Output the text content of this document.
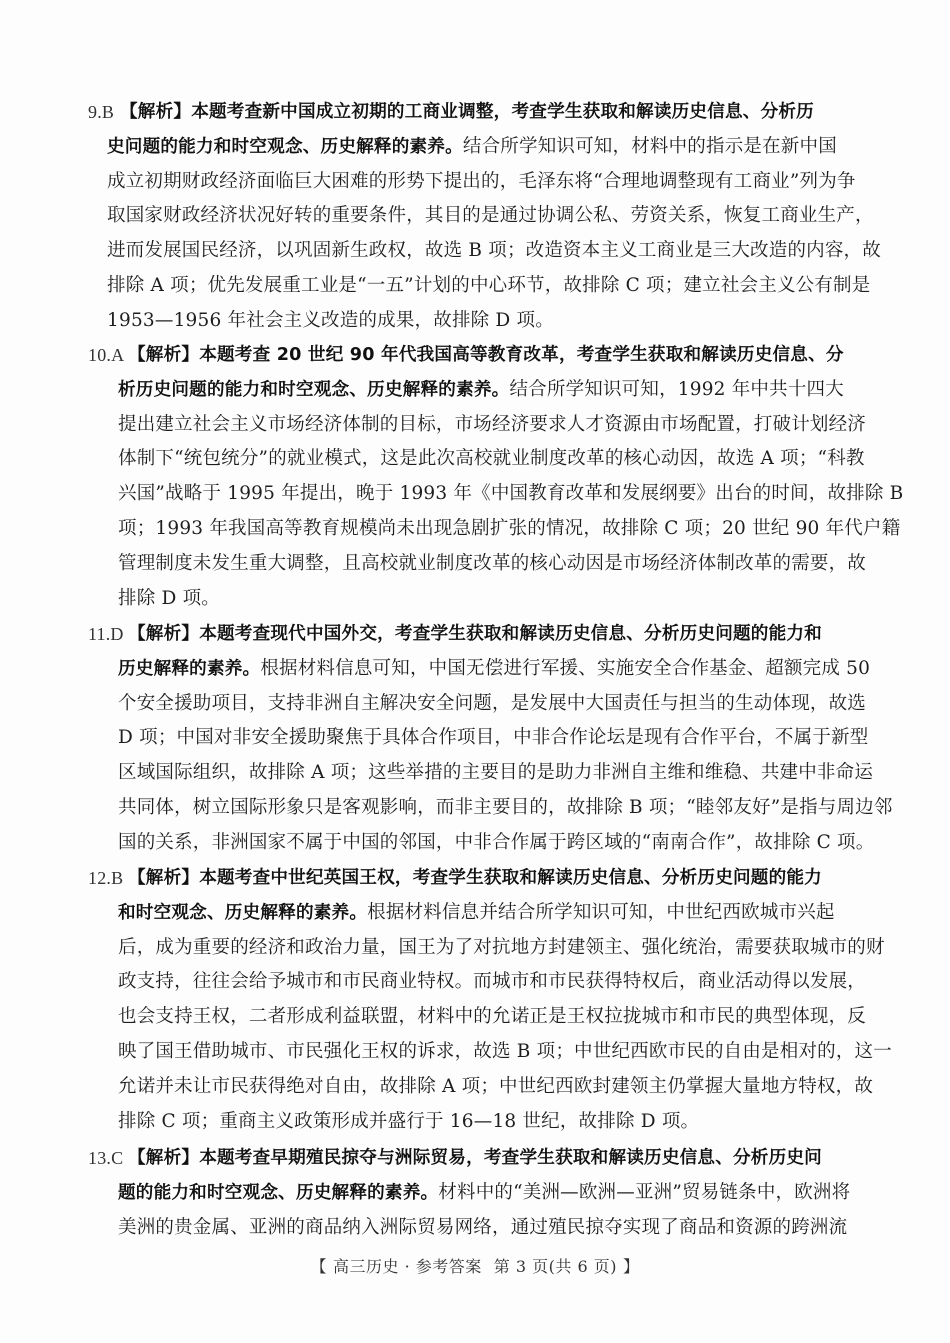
9.B 【解析】 本题考查新中国成立初期的工商业调整，考查学生获取和解读历史信息、分析历
史问题的能力和时空观念、历史解释的素养。结合所学知识可知，材料中的指示是在新中国
成立初期财政经济面临巨大困难的形势下提出的，毛泽东将“合理地调整现有工商业”列为争
取国家财政经济状况好转的重要条件，其目的是通过协调公私、劳资关系，恢复工商业生产，
进而发展国民经济，以巩固新生政权，故选 B 项；改造资本主义工商业是三大改造的内容，故
排除 A 项；优先发展重工业是“一五”计划的中心环节，故排除 C 项；建立社会主义公有制是
1953—1956 年社会主义改造的成果，故排除 D 项。
10.A 【解析】 本题考查 20 世纪 90 年代我国高等教育改革，考查学生获取和解读历史信息、分
析历史问题的能力和时空观念、历史解释的素养。结合所学知识可知，1992 年中共十四大
提出建立社会主义市场经济体制的目标，市场经济要求人才资源由市场配置，打破计划经济
体制下“统包统分”的就业模式，这是此次高校就业制度改革的核心动因，故选 A 项；“科教
兴国”战略于 1995 年提出，晚于 1993 年《中国教育改革和发展纲要》出台的时间，故排除 B
项；1993 年我国高等教育规模尚未出现急剧扩张的情况，故排除 C 项；20 世纪 90 年代户籍
管理制度未发生重大调整，且高校就业制度改革的核心动因是市场经济体制改革的需要，故
排除 D 项。
11.D 【解析】 本题考查现代中国外交，考查学生获取和解读历史信息、分析历史问题的能力和
历史解释的素养。根据材料信息可知，中国无偿进行军援、实施安全合作基金、超额完成 50
个安全援助项目，支持非洲自主解决安全问题，是发展中大国责任与担当的生动体现，故选
D 项；中国对非安全援助聚焦于具体合作项目，中非合作论坛是现有合作平台，不属于新型
区域国际组织，故排除 A 项；这些举措的主要目的是助力非洲自主维和维稳、共建中非命运
共同体，树立国际形象只是客观影响，而非主要目的，故排除 B 项；“睦邻友好”是指与周边邻
国的关系，非洲国家不属于中国的邻国，中非合作属于跨区域的“南南合作”，故排除 C 项。
12.B 【解析】 本题考查中世纪英国王权，考查学生获取和解读历史信息、分析历史问题的能力
和时空观念、历史解释的素养。根据材料信息并结合所学知识可知，中世纪西欧城市兴起
后，成为重要的经济和政治力量，国王为了对抗地方封建领主、强化统治，需要获取城市的财
政支持，往往会给予城市和市民商业特权。而城市和市民获得特权后，商业活动得以发展，
也会支持王权，二者形成利益联盟，材料中的允诺正是王权拉拢城市和市民的典型体现，反
映了国王借助城市、市民强化王权的诉求，故选 B 项；中世纪西欧市民的自由是相对的，这一
允诺并未让市民获得绝对自由，故排除 A 项；中世纪西欧封建领主仍掌握大量地方特权，故
排除 C 项；重商主义政策形成并盛行于 16—18 世纪，故排除 D 项。
13.C 【解析】 本题考查早期殖民掠夺与洲际贸易，考查学生获取和解读历史信息、分析历史问
题的能力和时空观念、历史解释的素养。材料中的“美洲—欧洲—亚洲”贸易链条中，欧洲将
美洲的贵金属、亚洲的商品纳入洲际贸易网络，通过殖民掠夺实现了商品和资源的跨洲流
【 高三历史 · 参考答案 第 3 页(共 6 页) 】
